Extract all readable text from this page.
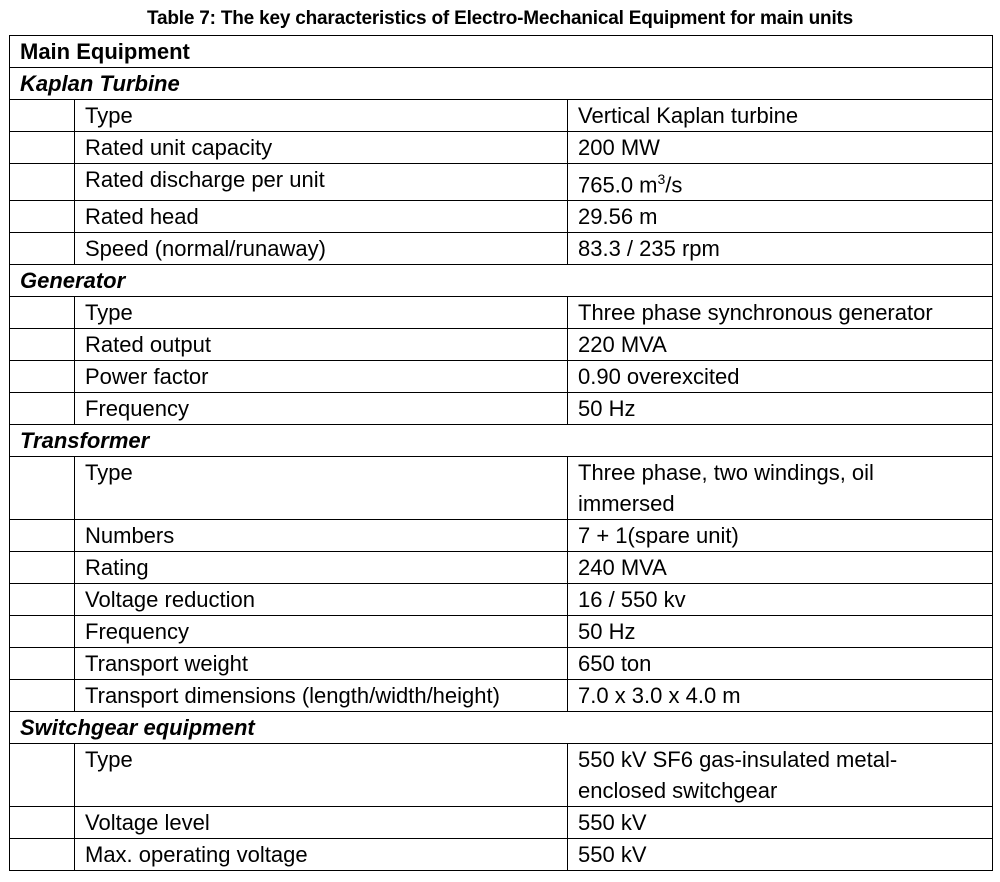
Table 7: The key characteristics of Electro-Mechanical Equipment for main units
Main Equipment		
Kaplan Turbine		
	Type	Vertical Kaplan turbine
	Rated unit capacity	200 MW
	Rated discharge per unit	765.0 $m^3/s$
	Rated head	29.56 m
	Speed (normal/runaway)	83.3 / 235 rpm
Generator		
	Type	Three phase synchronous generator
	Rated output	220 MVA
	Power factor	0.90 overexcited
	Frequency	50 Hz
Transformer		
	Type	Three phase, two windings, oil
immersed

	Numbers	7 + 1(spare unit)
	Rating	240 MVA
	Voltage reduction	16 / 550 kv
	Frequency	50 Hz
	Transport weight	650 ton
	Transport dimensions (length/width/height)	7.0 x 3.0 x 4.0 m
Switchgear equipment		
	Type	550 kV SF6 gas-insulated metal-
enclosed switchgear

	Voltage level	550 kV
	Max. operating voltage	550 kV
